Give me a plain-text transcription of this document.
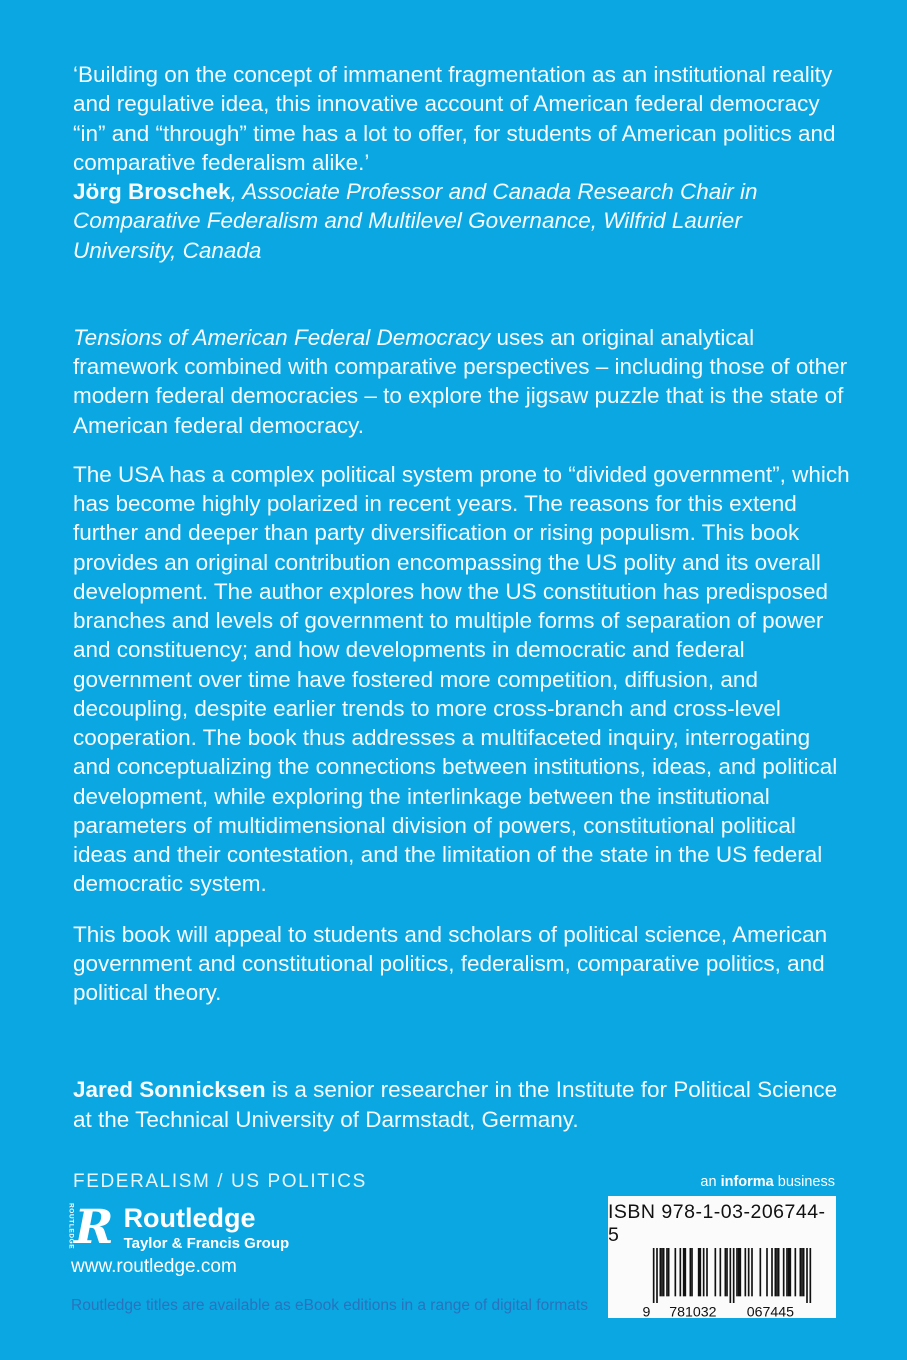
‘Building on the concept of immanent fragmentation as an institutional reality and regulative idea, this innovative account of American federal democracy “in” and “through” time has a lot to offer, for students of American politics and comparative federalism alike.’

Jörg Broschek, Associate Professor and Canada Research Chair in Comparative Federalism and Multilevel Governance, Wilfrid Laurier University, Canada

Tensions of American Federal Democracy uses an original analytical framework combined with comparative perspectives – including those of other modern federal democracies – to explore the jigsaw puzzle that is the state of American federal democracy.

The USA has a complex political system prone to “divided government”, which has become highly polarized in recent years. The reasons for this extend further and deeper than party diversification or rising populism. This book provides an original contribution encompassing the US polity and its overall development. The author explores how the US constitution has predisposed branches and levels of government to multiple forms of separation of power and constituency; and how developments in democratic and federal government over time have fostered more competition, diffusion, and decoupling, despite earlier trends to more cross-branch and cross-level cooperation. The book thus addresses a multifaceted inquiry, interrogating and conceptualizing the connections between institutions, ideas, and political development, while exploring the interlinkage between the institutional parameters of multidimensional division of powers, constitutional political ideas and their contestation, and the limitation of the state in the US federal democratic system.

This book will appeal to students and scholars of political science, American government and constitutional politics, federalism, comparative politics, and political theory.

Jared Sonnicksen is a senior researcher in the Institute for Political Science at the Technical University of Darmstadt, Germany.

FEDERALISM / US POLITICS	an informa business

ISBN 978-1-03-206744-5

9 781032 067445
ROUTLEDGE R Routledge
Taylor & Francis Group
www.routledge.com
Routledge titles are available as eBook editions in a range of digital formats
